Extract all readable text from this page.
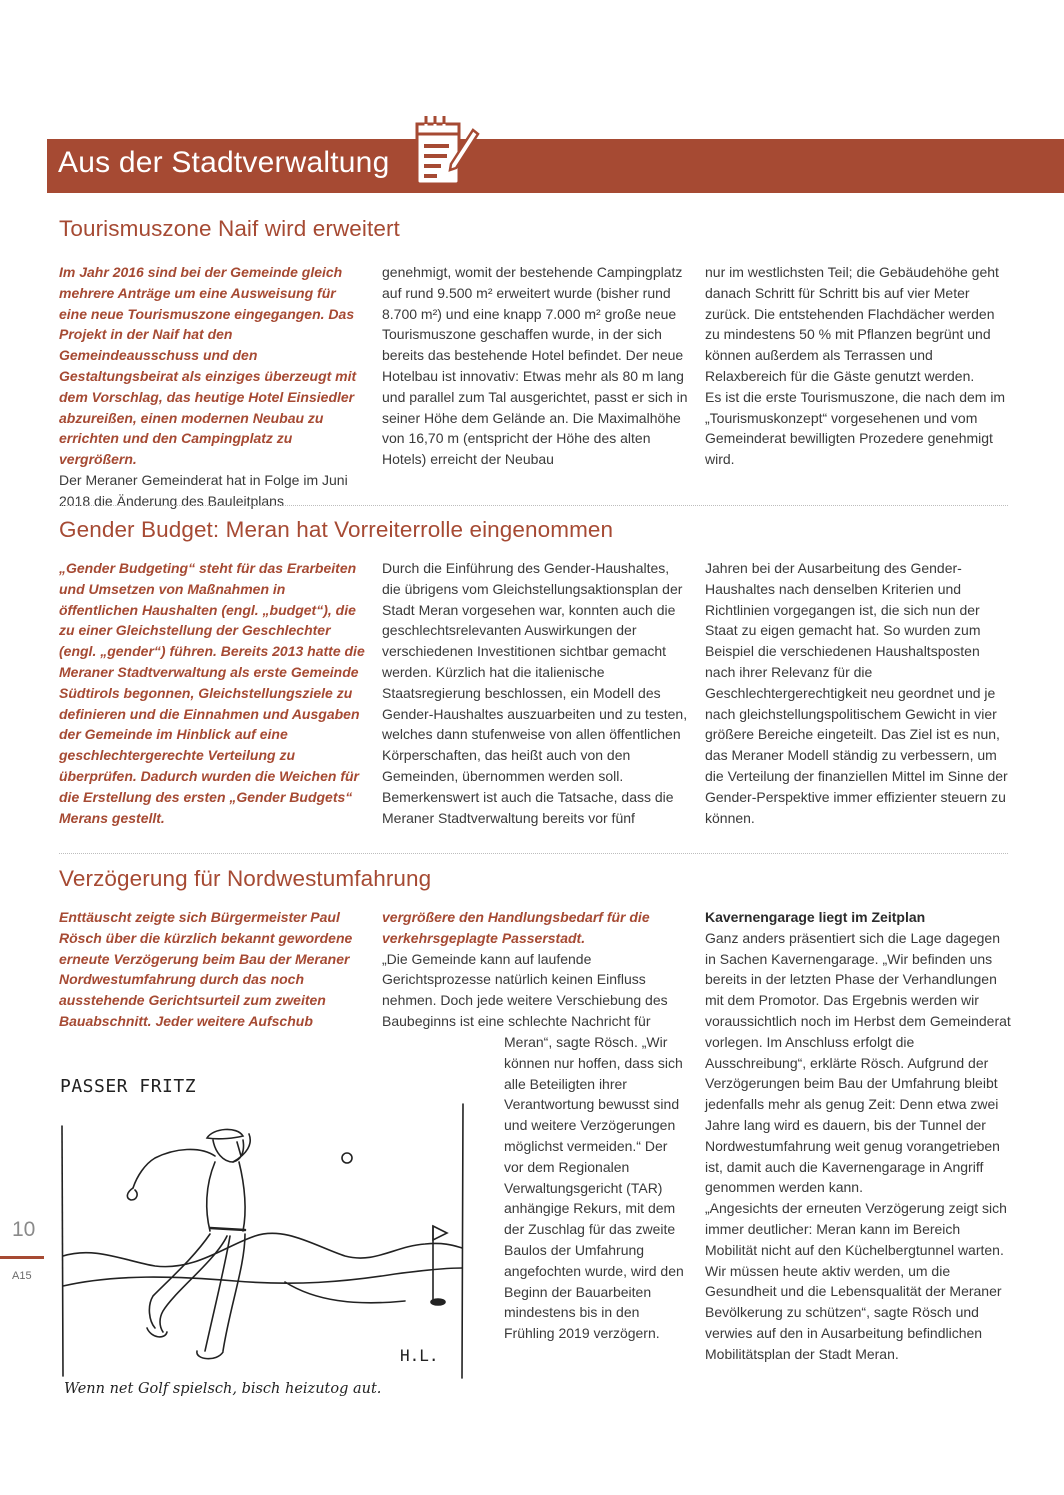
Aus der Stadtverwaltung
Tourismuszone Naif wird erweitert
Im Jahr 2016 sind bei der Gemeinde gleich mehrere Anträge um eine Ausweisung für eine neue Tourismuszone eingegangen. Das Projekt in der Naif hat den Gemeindeausschuss und den Gestaltungsbeirat als einziges überzeugt mit dem Vorschlag, das heutige Hotel Einsiedler abzureißen, einen modernen Neubau zu errichten und den Campingplatz zu vergrößern.
Der Meraner Gemeinderat hat in Folge im Juni 2018 die Änderung des Bauleitplans
genehmigt, womit der bestehende Campingplatz auf rund 9.500 m² erweitert wurde (bisher rund 8.700 m²) und eine knapp 7.000 m² große neue Tourismuszone geschaffen wurde, in der sich bereits das bestehende Hotel befindet. Der neue Hotelbau ist innovativ: Etwas mehr als 80 m lang und parallel zum Tal ausgerichtet, passt er sich in seiner Höhe dem Gelände an. Die Maximalhöhe von 16,70 m (entspricht der Höhe des alten Hotels) erreicht der Neubau
nur im westlichsten Teil; die Gebäudehöhe geht danach Schritt für Schritt bis auf vier Meter zurück. Die entstehenden Flachdächer werden zu mindestens 50 % mit Pflanzen begrünt und können außerdem als Terrassen und Relaxbereich für die Gäste genutzt werden.
Es ist die erste Tourismuszone, die nach dem im „Tourismuskonzept“ vorgesehenen und vom Gemeinderat bewilligten Prozedere genehmigt wird.
Gender Budget: Meran hat Vorreiterrolle eingenommen
„Gender Budgeting“ steht für das Erarbeiten und Umsetzen von Maßnahmen in öffentlichen Haushalten (engl. „budget“), die zu einer Gleichstellung der Geschlechter (engl. „gender“) führen. Bereits 2013 hatte die Meraner Stadtverwaltung als erste Gemeinde Südtirols begonnen, Gleichstellungsziele zu definieren und die Einnahmen und Ausgaben der Gemeinde im Hinblick auf eine geschlechtergerechte Verteilung zu überprüfen. Dadurch wurden die Weichen für die Erstellung des ersten „Gender Budgets“ Merans gestellt.
Durch die Einführung des Gender-Haushaltes, die übrigens vom Gleichstellungsaktionsplan der Stadt Meran vorgesehen war, konnten auch die geschlechtsrelevanten Auswirkungen der verschiedenen Investitionen sichtbar gemacht werden. Kürzlich hat die italienische Staatsregierung beschlossen, ein Modell des Gender-Haushaltes auszuarbeiten und zu testen, welches dann stufenweise von allen öffentlichen Körperschaften, das heißt auch von den Gemeinden, übernommen werden soll. Bemerkenswert ist auch die Tatsache, dass die Meraner Stadtverwaltung bereits vor fünf
Jahren bei der Ausarbeitung des Gender-Haushaltes nach denselben Kriterien und Richtlinien vorgegangen ist, die sich nun der Staat zu eigen gemacht hat. So wurden zum Beispiel die verschiedenen Haushaltsposten nach ihrer Relevanz für die Geschlechtergerechtigkeit neu geordnet und je nach gleichstellungspolitischem Gewicht in vier größere Bereiche eingeteilt. Das Ziel ist es nun, das Meraner Modell ständig zu verbessern, um die Verteilung der finanziellen Mittel im Sinne der Gender-Perspektive immer effizienter steuern zu können.
Verzögerung für Nordwestumfahrung
Enttäuscht zeigte sich Bürgermeister Paul Rösch über die kürzlich bekannt gewordene erneute Verzögerung beim Bau der Meraner Nordwestumfahrung durch das noch ausstehende Gerichtsurteil zum zweiten Bauabschnitt. Jeder weitere Aufschub
vergrößere den Handlungsbedarf für die verkehrsgeplagte Passerstadt.
„Die Gemeinde kann auf laufende Gerichtsprozesse natürlich keinen Einfluss nehmen. Doch jede weitere Verschiebung des Baubeginns ist eine schlechte Nachricht für
Meran“, sagte Rösch. „Wir können nur hoffen, dass sich alle Beteiligten ihrer Verantwortung bewusst sind und weitere Verzögerungen möglichst vermeiden.“ Der vor dem Regionalen Verwaltungsgericht (TAR) anhängige Rekurs, mit dem der Zuschlag für das zweite Baulos der Umfahrung angefochten wurde, wird den Beginn der Bauarbeiten mindestens bis in den Frühling 2019 verzögern.
Kavernengarage liegt im Zeitplan
Ganz anders präsentiert sich die Lage dagegen in Sachen Kavernengarage. „Wir befinden uns bereits in der letzten Phase der Verhandlungen mit dem Promotor. Das Ergebnis werden wir voraussichtlich noch im Herbst dem Gemeinderat vorlegen. Im Anschluss erfolgt die Ausschreibung“, erklärte Rösch. Aufgrund der Verzögerungen beim Bau der Umfahrung bleibt jedenfalls mehr als genug Zeit: Denn etwa zwei Jahre lang wird es dauern, bis der Tunnel der Nordwestumfahrung weit genug vorangetrieben ist, damit auch die Kavernengarage in Angriff genommen werden kann.
„Angesichts der erneuten Verzögerung zeigt sich immer deutlicher: Meran kann im Bereich Mobilität nicht auf den Küchelbergtunnel warten. Wir müssen heute aktiv werden, um die Gesundheit und die Lebensqualität der Meraner Bevölkerung zu schützen“, sagte Rösch und verwies auf den in Ausarbeitung befindlichen Mobilitätsplan der Stadt Meran.
PASSER FRITZ
H.L.
Wenn net Golf spielsch, bisch heizutog aut.
10
A15
